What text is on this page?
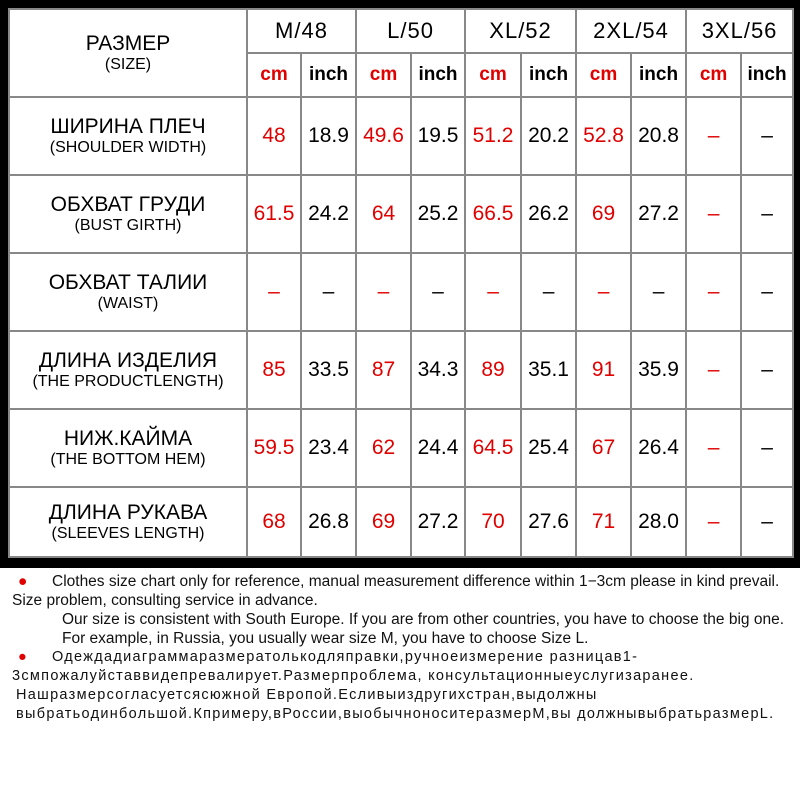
РАЗМЕР
(SIZE)	M/48		L/50		XL/52		2XL/54		3XL/56	
	cm	inch	cm	inch	cm	inch	cm	inch	cm	inch

ШИРИНА ПЛЕЧ
(SHOULDER WIDTH)	48	18.9	49.6	19.5	51.2	20.2	52.8	20.8	–	–

ОБХВАТ ГРУДИ
(BUST GIRTH)	61.5	24.2	64	25.2	66.5	26.2	69	27.2	–	–

ОБХВАТ ТАЛИИ
(WAIST)	–	–	–	–	–	–	–	–	–	–

ДЛИНА ИЗДЕЛИЯ
(THE PRODUCTLENGTH)	85	33.5	87	34.3	89	35.1	91	35.9	–	–

НИЖ.КАЙМА
(THE BOTTOM HEM)	59.5	23.4	62	24.4	64.5	25.4	67	26.4	–	–

ДЛИНА РУКАВА
(SLEEVES LENGTH)	68	26.8	69	27.2	70	27.6	71	28.0	–	–

● Clothes size chart only for reference, manual measurement difference within 1−3cm please in kind prevail. Size problem, consulting service in advance.

Our size is consistent with South Europe. If you are from other countries, you have to choose the big one. For example, in Russia, you usually wear size M, you have to choose Size L.

● Одеждадиаграммаразмератолькодляправки,ручноеизмерение разницав1-3смпожалуйставвидепревалирует.Размерпроблема, консультационныеуслугизаранее.

Нашразмерсогласуетсясюжной Европой.Есливыиздругихстран,выдолжны выбратьодинбольшой.Кпримеру,вРоссии,выобычноноситеразмерМ,вы должнывыбратьразмерL.
